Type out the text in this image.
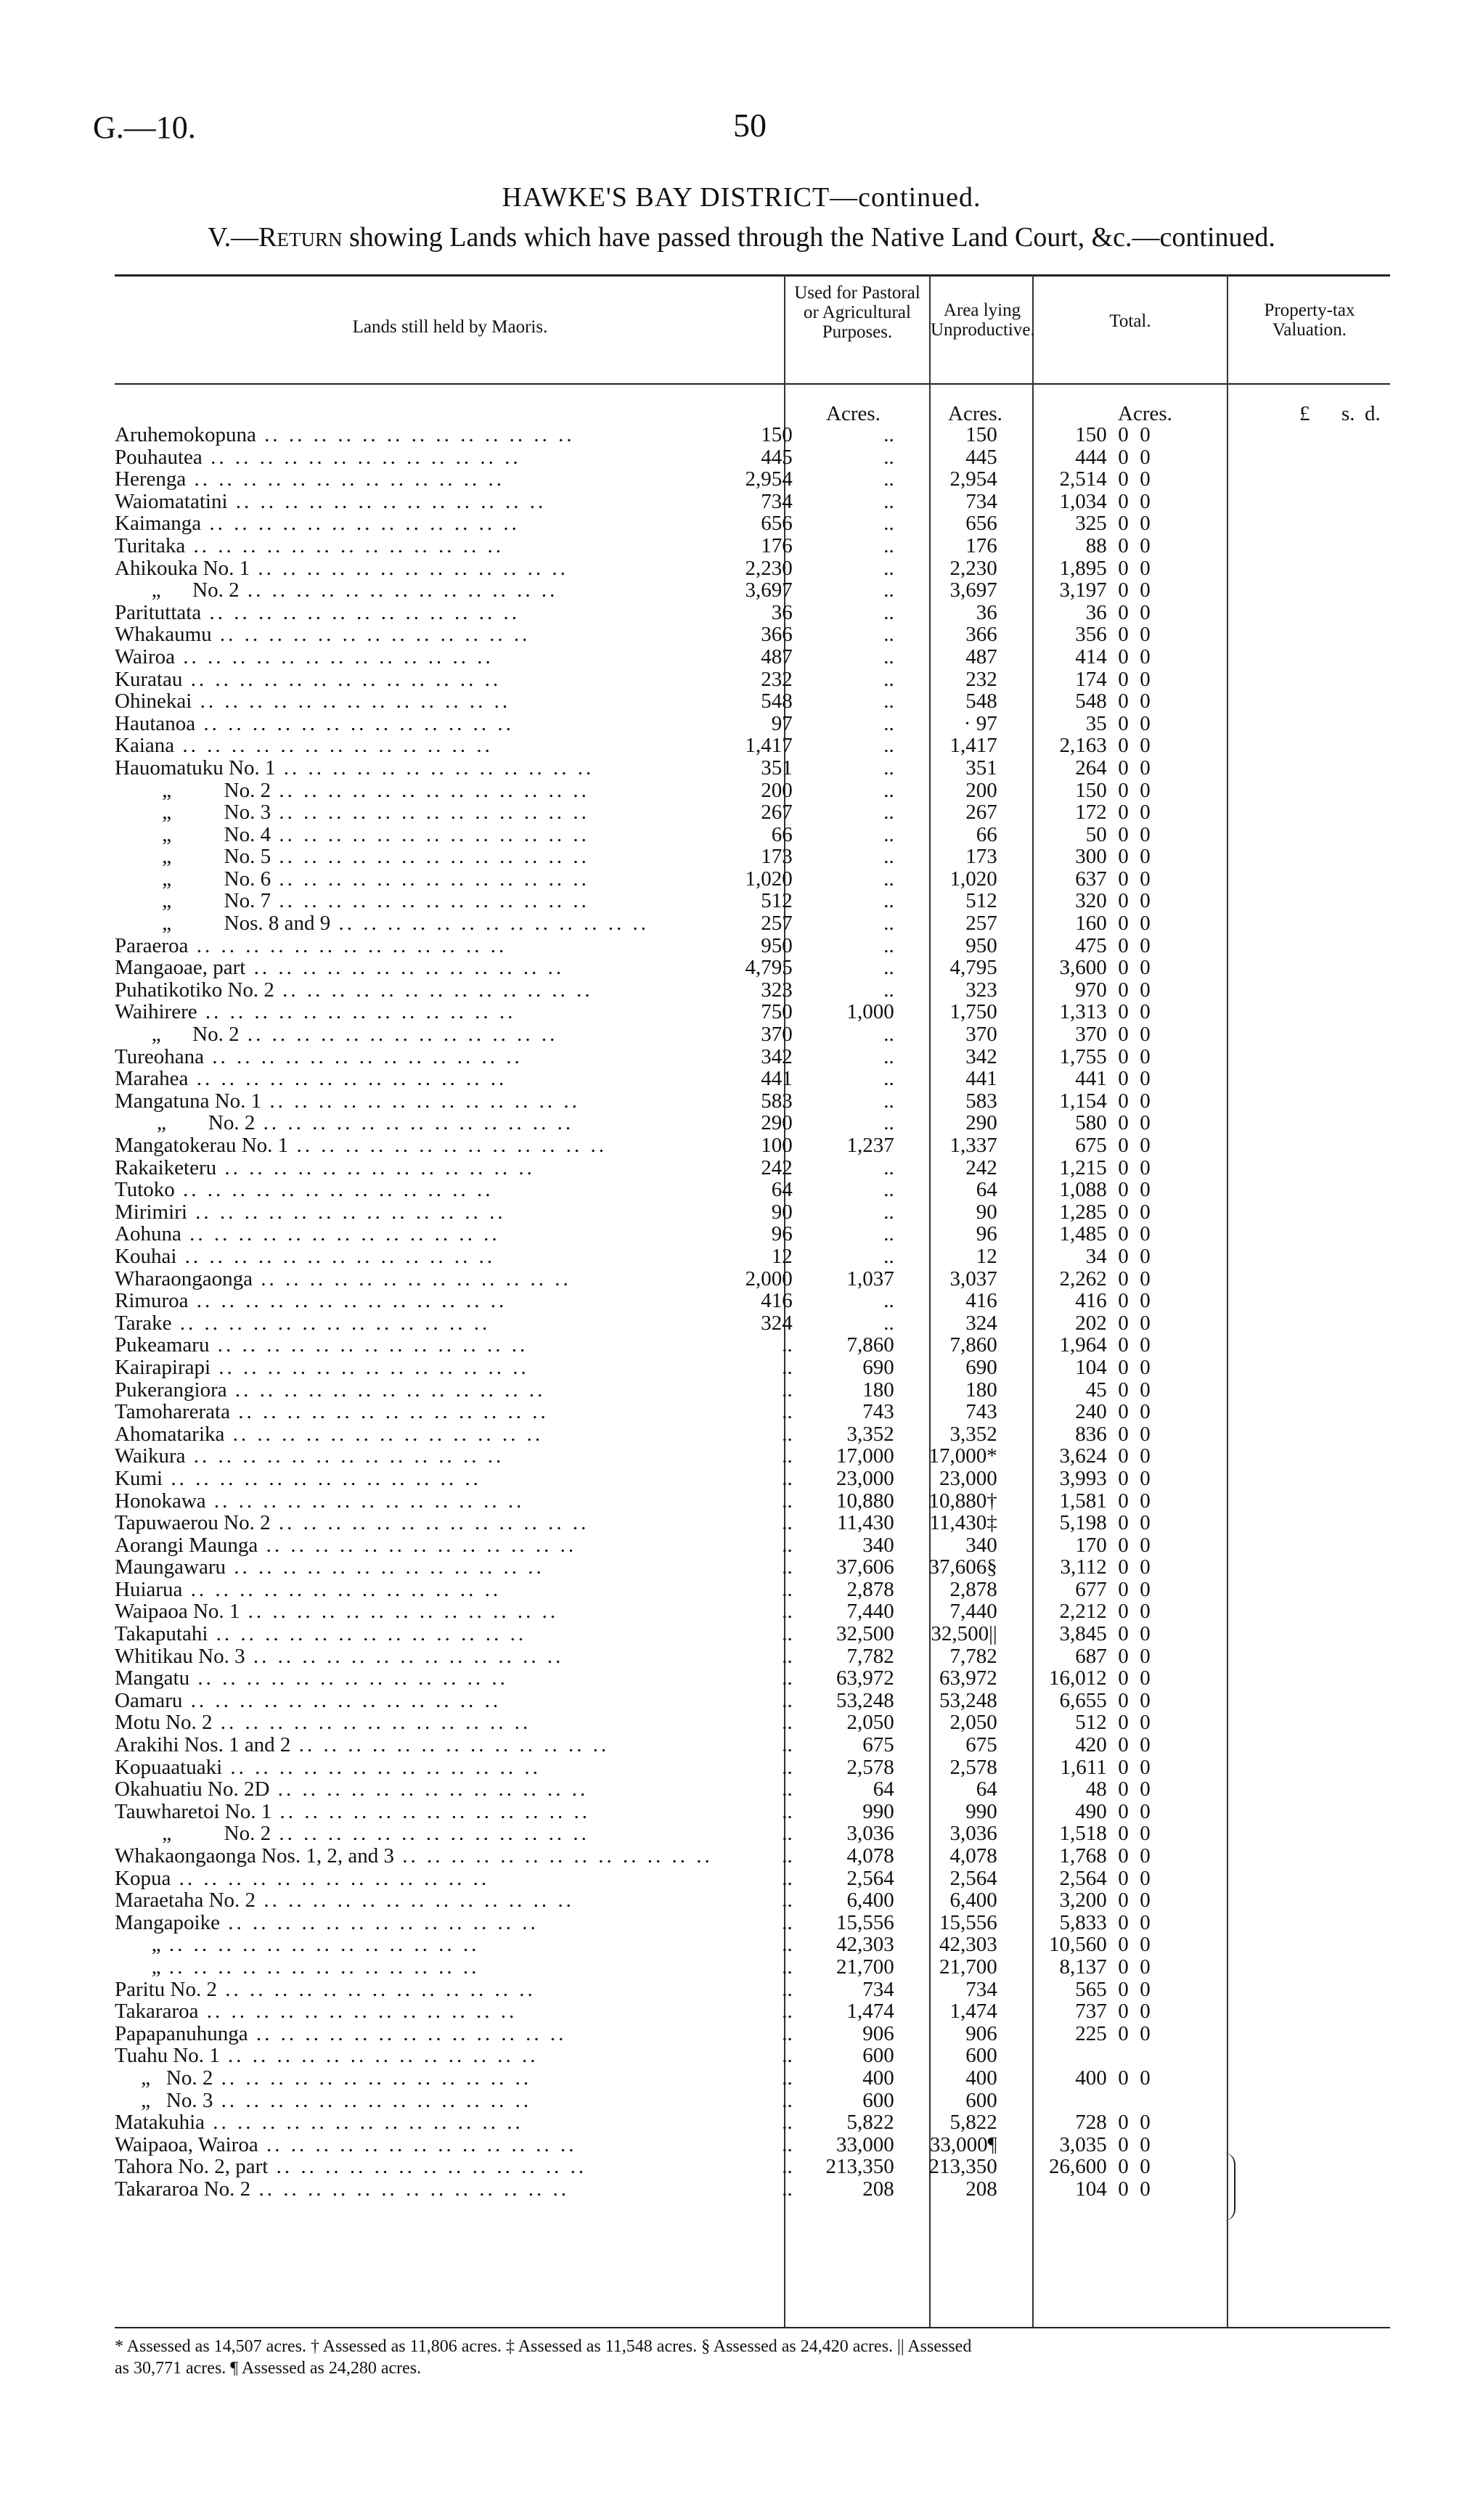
G.—10.	50
HAWKE'S BAY DISTRICT—continued.
V.—Return showing Lands which have passed through the Native Land Court, &c.—continued.
Lands still held by Maoris.
Used for Pastoral or Agricultural Purposes.
Area lying Unproductive.	Total.
Property-tax Valuation.
Acres.	Acres.	Acres.	£ s. d.
Aruhemokopuna .. .. .. .. .. .. .. .. .. .. .. .. ..	150		..		150		150	0	0
Pouhautea .. .. .. .. .. .. .. .. .. .. .. .. ..	445		..		445		444	0	0
Herenga .. .. .. .. .. .. .. .. .. .. .. .. ..	2,954		..		2,954		2,514	0	0
Waiomatatini .. .. .. .. .. .. .. .. .. .. .. .. ..	734		..		734		1,034	0	0
Kaimanga .. .. .. .. .. .. .. .. .. .. .. .. ..	656		..		656		325	0	0
Turitaka .. .. .. .. .. .. .. .. .. .. .. .. ..	176		..		176		88	0	0
Ahikouka No. 1 .. .. .. .. .. .. .. .. .. .. .. .. ..	2,230		..		2,230		1,895	0	0
„      No. 2 .. .. .. .. .. .. .. .. .. .. .. .. ..	3,697		..		3,697		3,197	0	0
Parituttata .. .. .. .. .. .. .. .. .. .. .. .. ..	36		..		36		36	0	0
Whakaumu .. .. .. .. .. .. .. .. .. .. .. .. ..	366		..		366		356	0	0
Wairoa .. .. .. .. .. .. .. .. .. .. .. .. ..	487		..		487		414	0	0
Kuratau .. .. .. .. .. .. .. .. .. .. .. .. ..	232		..		232		174	0	0
Ohinekai .. .. .. .. .. .. .. .. .. .. .. .. ..	548		..		548		548	0	0
Hautanoa .. .. .. .. .. .. .. .. .. .. .. .. ..	97		..		· 97		35	0	0
Kaiana .. .. .. .. .. .. .. .. .. .. .. .. ..	1,417		..		1,417		2,163	0	0
Hauomatuku No. 1 .. .. .. .. .. .. .. .. .. .. .. .. ..	351		..		351		264	0	0
„          No. 2 .. .. .. .. .. .. .. .. .. .. .. .. ..	200		..		200		150	0	0
„          No. 3 .. .. .. .. .. .. .. .. .. .. .. .. ..	267		..		267		172	0	0
„          No. 4 .. .. .. .. .. .. .. .. .. .. .. .. ..	66		..		66		50	0	0
„          No. 5 .. .. .. .. .. .. .. .. .. .. .. .. ..	173		..		173		300	0	0
„          No. 6 .. .. .. .. .. .. .. .. .. .. .. .. ..	1,020		..		1,020		637	0	0
„          No. 7 .. .. .. .. .. .. .. .. .. .. .. .. ..	512		..		512		320	0	0
„          Nos. 8 and 9 .. .. .. .. .. .. .. .. .. .. .. .. ..	257		..		257		160	0	0
Paraeroa .. .. .. .. .. .. .. .. .. .. .. .. ..	950		..		950		475	0	0
Mangaoae, part .. .. .. .. .. .. .. .. .. .. .. .. ..	4,795		..		4,795		3,600	0	0
Puhatikotiko No. 2 .. .. .. .. .. .. .. .. .. .. .. .. ..	323		..		323		970	0	0
Waihirere .. .. .. .. .. .. .. .. .. .. .. .. ..	750		1,000		1,750		1,313	0	0
„      No. 2 .. .. .. .. .. .. .. .. .. .. .. .. ..	370		..		370		370	0	0
Tureohana .. .. .. .. .. .. .. .. .. .. .. .. ..	342		..		342		1,755	0	0
Marahea .. .. .. .. .. .. .. .. .. .. .. .. ..	441		..		441		441	0	0
Mangatuna No. 1 .. .. .. .. .. .. .. .. .. .. .. .. ..	583		..		583		1,154	0	0
„        No. 2 .. .. .. .. .. .. .. .. .. .. .. .. ..	290		..		290		580	0	0
Mangatokerau No. 1 .. .. .. .. .. .. .. .. .. .. .. .. ..	100		1,237		1,337		675	0	0
Rakaiketeru .. .. .. .. .. .. .. .. .. .. .. .. ..	242		..		242		1,215	0	0
Tutoko .. .. .. .. .. .. .. .. .. .. .. .. ..	64		..		64		1,088	0	0
Mirimiri .. .. .. .. .. .. .. .. .. .. .. .. ..	90		..		90		1,285	0	0
Aohuna .. .. .. .. .. .. .. .. .. .. .. .. ..	96		..		96		1,485	0	0
Kouhai .. .. .. .. .. .. .. .. .. .. .. .. ..	12		..		12		34	0	0
Wharaongaonga .. .. .. .. .. .. .. .. .. .. .. .. ..	2,000		1,037		3,037		2,262	0	0
Rimuroa .. .. .. .. .. .. .. .. .. .. .. .. ..	416		..		416		416	0	0
Tarake .. .. .. .. .. .. .. .. .. .. .. .. ..	324		..		324		202	0	0
Pukeamaru .. .. .. .. .. .. .. .. .. .. .. .. ..	..		7,860		7,860		1,964	0	0
Kairapirapi .. .. .. .. .. .. .. .. .. .. .. .. ..	..		690		690		104	0	0
Pukerangiora .. .. .. .. .. .. .. .. .. .. .. .. ..	..		180		180		45	0	0
Tamoharerata .. .. .. .. .. .. .. .. .. .. .. .. ..	..		743		743		240	0	0
Ahomatarika .. .. .. .. .. .. .. .. .. .. .. .. ..	..		3,352		3,352		836	0	0
Waikura .. .. .. .. .. .. .. .. .. .. .. .. ..	..		17,000		17,000*		3,624	0	0
Kumi .. .. .. .. .. .. .. .. .. .. .. .. ..	..		23,000		23,000		3,993	0	0
Honokawa .. .. .. .. .. .. .. .. .. .. .. .. ..	..		10,880		10,880†		1,581	0	0
Tapuwaerou No. 2 .. .. .. .. .. .. .. .. .. .. .. .. ..	..		11,430		11,430‡		5,198	0	0
Aorangi Maunga .. .. .. .. .. .. .. .. .. .. .. .. ..	..		340		340		170	0	0
Maungawaru .. .. .. .. .. .. .. .. .. .. .. .. ..	..		37,606		37,606§		3,112	0	0
Huiarua .. .. .. .. .. .. .. .. .. .. .. .. ..	..		2,878		2,878		677	0	0
Waipaoa No. 1 .. .. .. .. .. .. .. .. .. .. .. .. ..	..		7,440		7,440		2,212	0	0
Takaputahi .. .. .. .. .. .. .. .. .. .. .. .. ..	..		32,500		32,500||		3,845	0	0
Whitikau No. 3 .. .. .. .. .. .. .. .. .. .. .. .. ..	..		7,782		7,782		687	0	0
Mangatu .. .. .. .. .. .. .. .. .. .. .. .. ..	..		63,972		63,972		16,012	0	0
Oamaru .. .. .. .. .. .. .. .. .. .. .. .. ..	..		53,248		53,248		6,655	0	0
Motu No. 2 .. .. .. .. .. .. .. .. .. .. .. .. ..	..		2,050		2,050		512	0	0
Arakihi Nos. 1 and 2 .. .. .. .. .. .. .. .. .. .. .. .. ..	..		675		675		420	0	0
Kopuaatuaki .. .. .. .. .. .. .. .. .. .. .. .. ..	..		2,578		2,578		1,611	0	0
Okahuatiu No. 2D .. .. .. .. .. .. .. .. .. .. .. .. ..	..		64		64		48	0	0
Tauwharetoi No. 1 .. .. .. .. .. .. .. .. .. .. .. .. ..	..		990		990		490	0	0
„          No. 2 .. .. .. .. .. .. .. .. .. .. .. .. ..	..		3,036		3,036		1,518	0	0
Whakaongaonga Nos. 1, 2, and 3 .. .. .. .. .. .. .. .. .. .. .. .. ..	..		4,078		4,078		1,768	0	0
Kopua .. .. .. .. .. .. .. .. .. .. .. .. ..	..		2,564		2,564		2,564	0	0
Maraetaha No. 2 .. .. .. .. .. .. .. .. .. .. .. .. ..	..		6,400		6,400		3,200	0	0
Mangapoike .. .. .. .. .. .. .. .. .. .. .. .. ..	..		15,556		15,556		5,833	0	0
„ .. .. .. .. .. .. .. .. .. .. .. .. ..	..		42,303		42,303		10,560	0	0
„ .. .. .. .. .. .. .. .. .. .. .. .. ..	..		21,700		21,700		8,137	0	0
Paritu No. 2 .. .. .. .. .. .. .. .. .. .. .. .. ..	..		734		734		565	0	0
Takararoa .. .. .. .. .. .. .. .. .. .. .. .. ..	..		1,474		1,474		737	0	0
Papapanuhunga .. .. .. .. .. .. .. .. .. .. .. .. ..	..		906		906		225	0	0
Tuahu No. 1 .. .. .. .. .. .. .. .. .. .. .. .. ..	..		600		600				
„   No. 2 .. .. .. .. .. .. .. .. .. .. .. .. ..	..		400		400		400	0	0
„   No. 3 .. .. .. .. .. .. .. .. .. .. .. .. ..	..		600		600				
Matakuhia .. .. .. .. .. .. .. .. .. .. .. .. ..	..		5,822		5,822		728	0	0
Waipaoa, Wairoa .. .. .. .. .. .. .. .. .. .. .. .. ..	..		33,000		33,000¶		3,035	0	0
Tahora No. 2, part .. .. .. .. .. .. .. .. .. .. .. .. ..	..		213,350		213,350		26,600	0	0
Takararoa No. 2 .. .. .. .. .. .. .. .. .. .. .. .. ..	..		208		208		104	0	0
* Assessed as 14,507 acres. † Assessed as 11,806 acres. ‡ Assessed as 11,548 acres. § Assessed as 24,420 acres. || Assessed
as 30,771 acres. ¶ Assessed as 24,280 acres.
